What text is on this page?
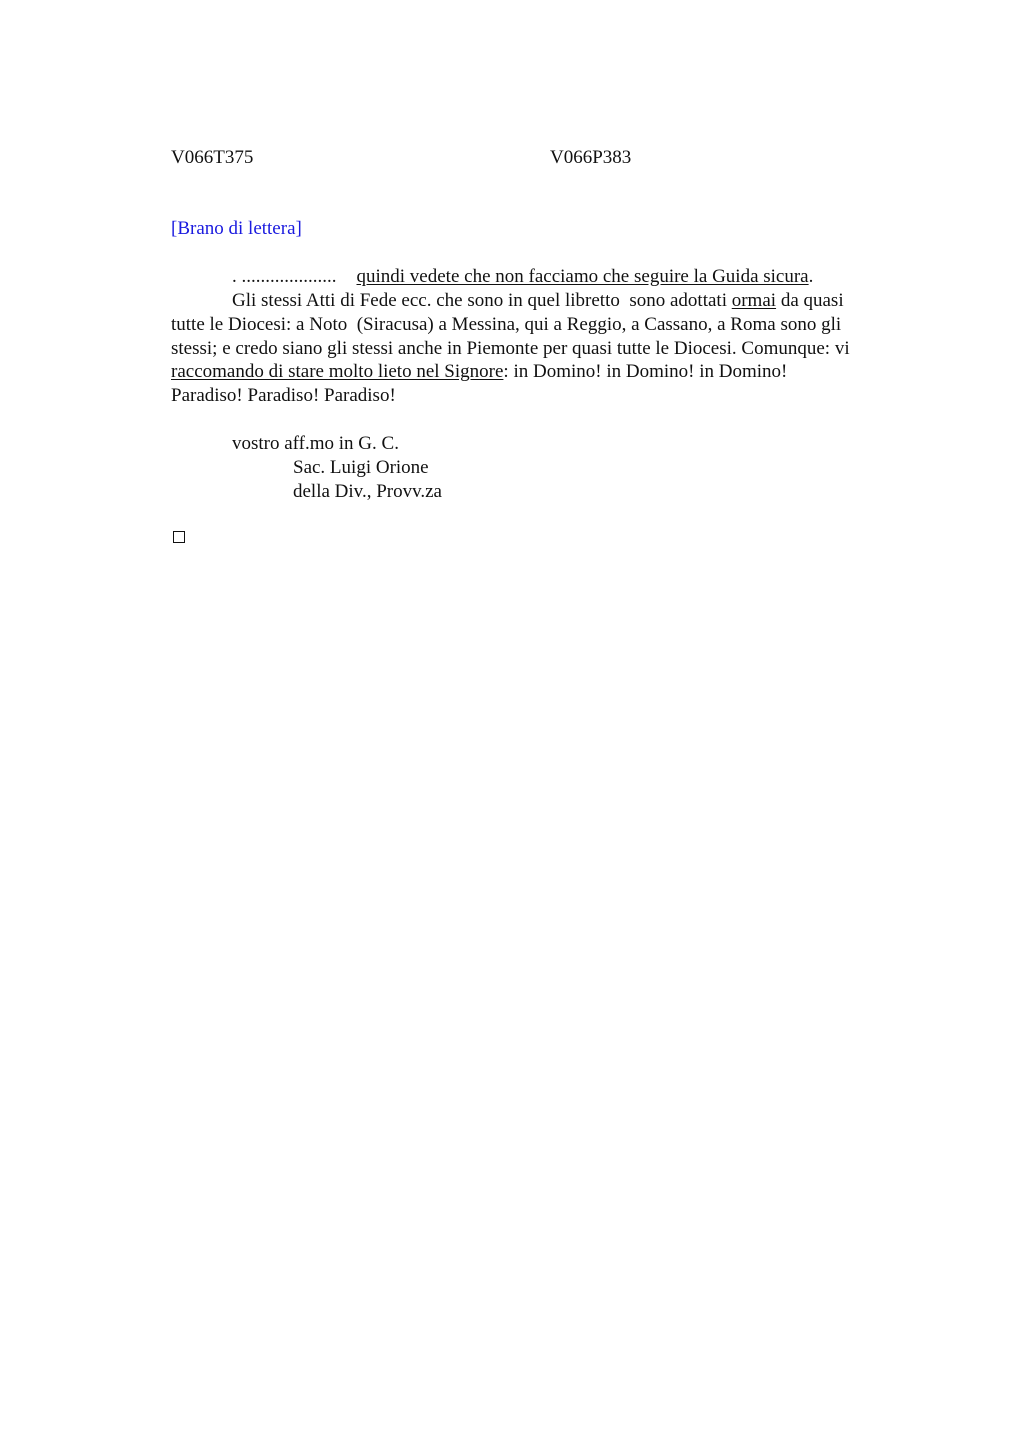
V066T375	V066P383
[Brano di lettera]
. .................... quindi vedete che non facciamo che seguire la Guida sicura.
Gli stessi Atti di Fede ecc. che sono in quel libretto  sono adottati ormai da quasi
tutte le Diocesi: a Noto  (Siracusa) a Messina, qui a Reggio, a Cassano, a Roma sono gli
stessi; e credo siano gli stessi anche in Piemonte per quasi tutte le Diocesi. Comunque: vi
raccomando di stare molto lieto nel Signore: in Domino! in Domino! in Domino!
Paradiso! Paradiso! Paradiso!
vostro aff.mo in G. C.
Sac. Luigi Orione
della Div., Provv.za
